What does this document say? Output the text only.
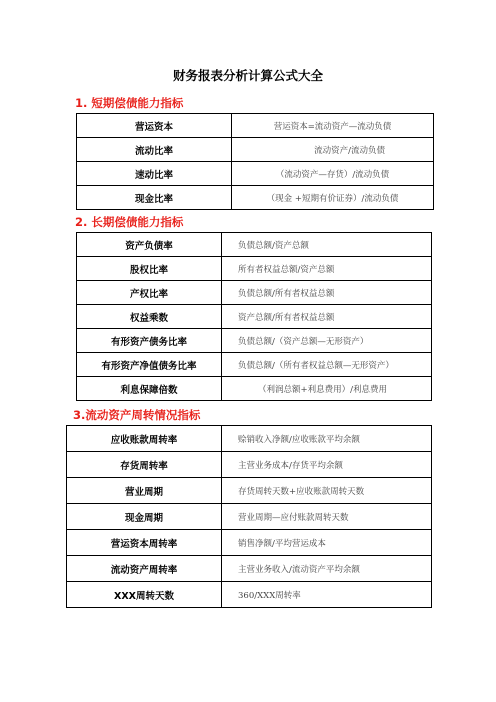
财务报表分析计算公式大全
1. 短期偿债能力指标
营运资本	营运资本=流动资产—流动负债
流动比率	流动资产/流动负债
速动比率	（流动资产—存货）/流动负债
现金比率	（现金 +短期有价证券）/流动负债
2. 长期偿债能力指标
资产负债率	负债总额/资产总额
股权比率	所有者权益总额/资产总额
产权比率	负债总额/所有者权益总额
权益乘数	资产总额/所有者权益总额
有形资产债务比率	负债总额/（资产总额—无形资产）
有形资产净值债务比率	负债总额/（所有者权益总额—无形资产）
利息保障倍数	（利润总额+利息费用）/利息费用
3.流动资产周转情况指标
应收账款周转率	赊销收入净额/应收账款平均余额
存货周转率	主营业务成本/存货平均余额
营业周期	存货周转天数+应收账款周转天数
现金周期	营业周期—应付账款周转天数
营运资本周转率	销售净额/平均营运成本
流动资产周转率	主营业务收入/流动资产平均余额
XXX周转天数	360/XXX周转率
